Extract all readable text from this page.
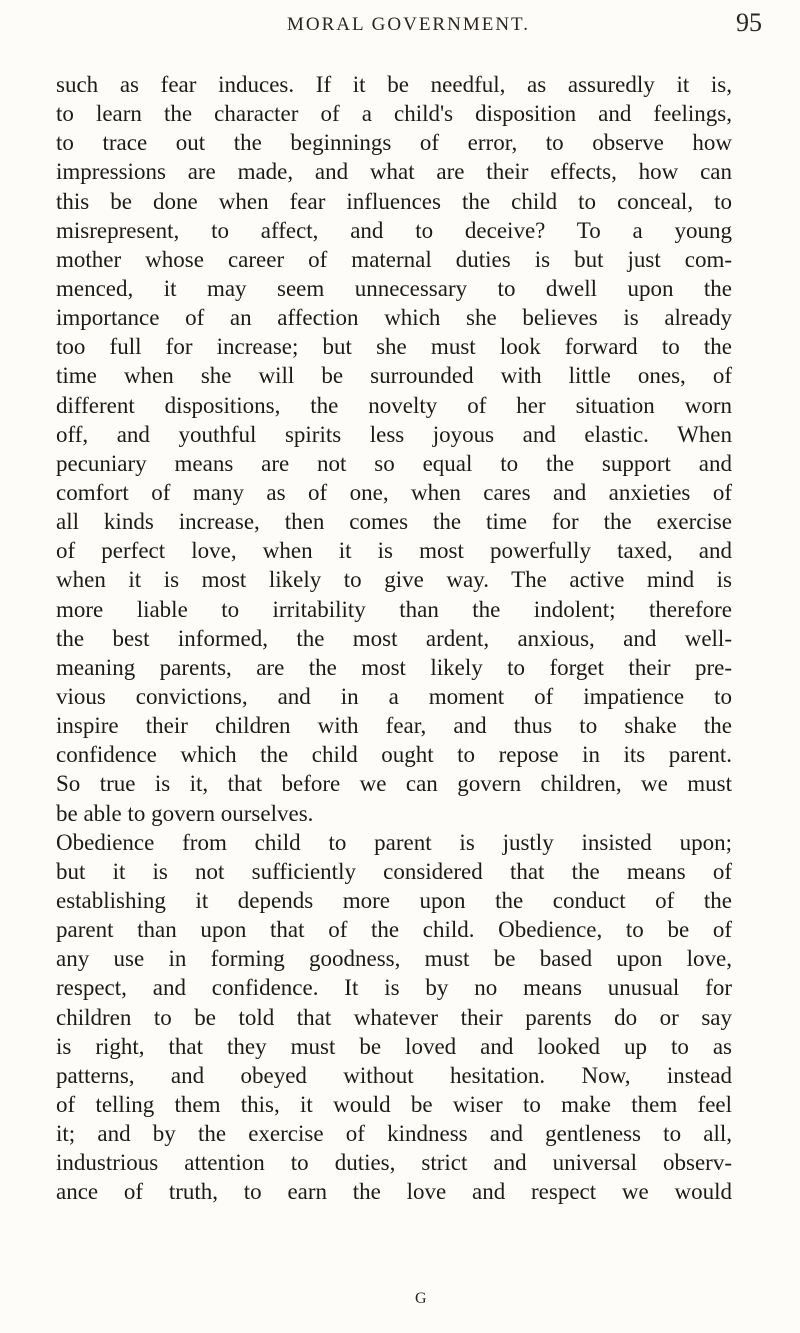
MORAL GOVERNMENT.	95
such as fear induces. If it be needful, as assuredly it is,
to learn the character of a child's disposition and feelings,
to trace out the beginnings of error, to observe how
impressions are made, and what are their effects, how can
this be done when fear influences the child to conceal, to
misrepresent, to affect, and to deceive? To a young
mother whose career of maternal duties is but just com-
menced, it may seem unnecessary to dwell upon the
importance of an affection which she believes is already
too full for increase; but she must look forward to the
time when she will be surrounded with little ones, of
different dispositions, the novelty of her situation worn
off, and youthful spirits less joyous and elastic. When
pecuniary means are not so equal to the support and
comfort of many as of one, when cares and anxieties of
all kinds increase, then comes the time for the exercise
of perfect love, when it is most powerfully taxed, and
when it is most likely to give way. The active mind is
more liable to irritability than the indolent; therefore
the best informed, the most ardent, anxious, and well-
meaning parents, are the most likely to forget their pre-
vious convictions, and in a moment of impatience to
inspire their children with fear, and thus to shake the
confidence which the child ought to repose in its parent.
So true is it, that before we can govern children, we must
be able to govern ourselves.
Obedience from child to parent is justly insisted upon;
but it is not sufficiently considered that the means of
establishing it depends more upon the conduct of the
parent than upon that of the child. Obedience, to be of
any use in forming goodness, must be based upon love,
respect, and confidence. It is by no means unusual for
children to be told that whatever their parents do or say
is right, that they must be loved and looked up to as
patterns, and obeyed without hesitation. Now, instead
of telling them this, it would be wiser to make them feel
it; and by the exercise of kindness and gentleness to all,
industrious attention to duties, strict and universal observ-
ance of truth, to earn the love and respect we would
G
